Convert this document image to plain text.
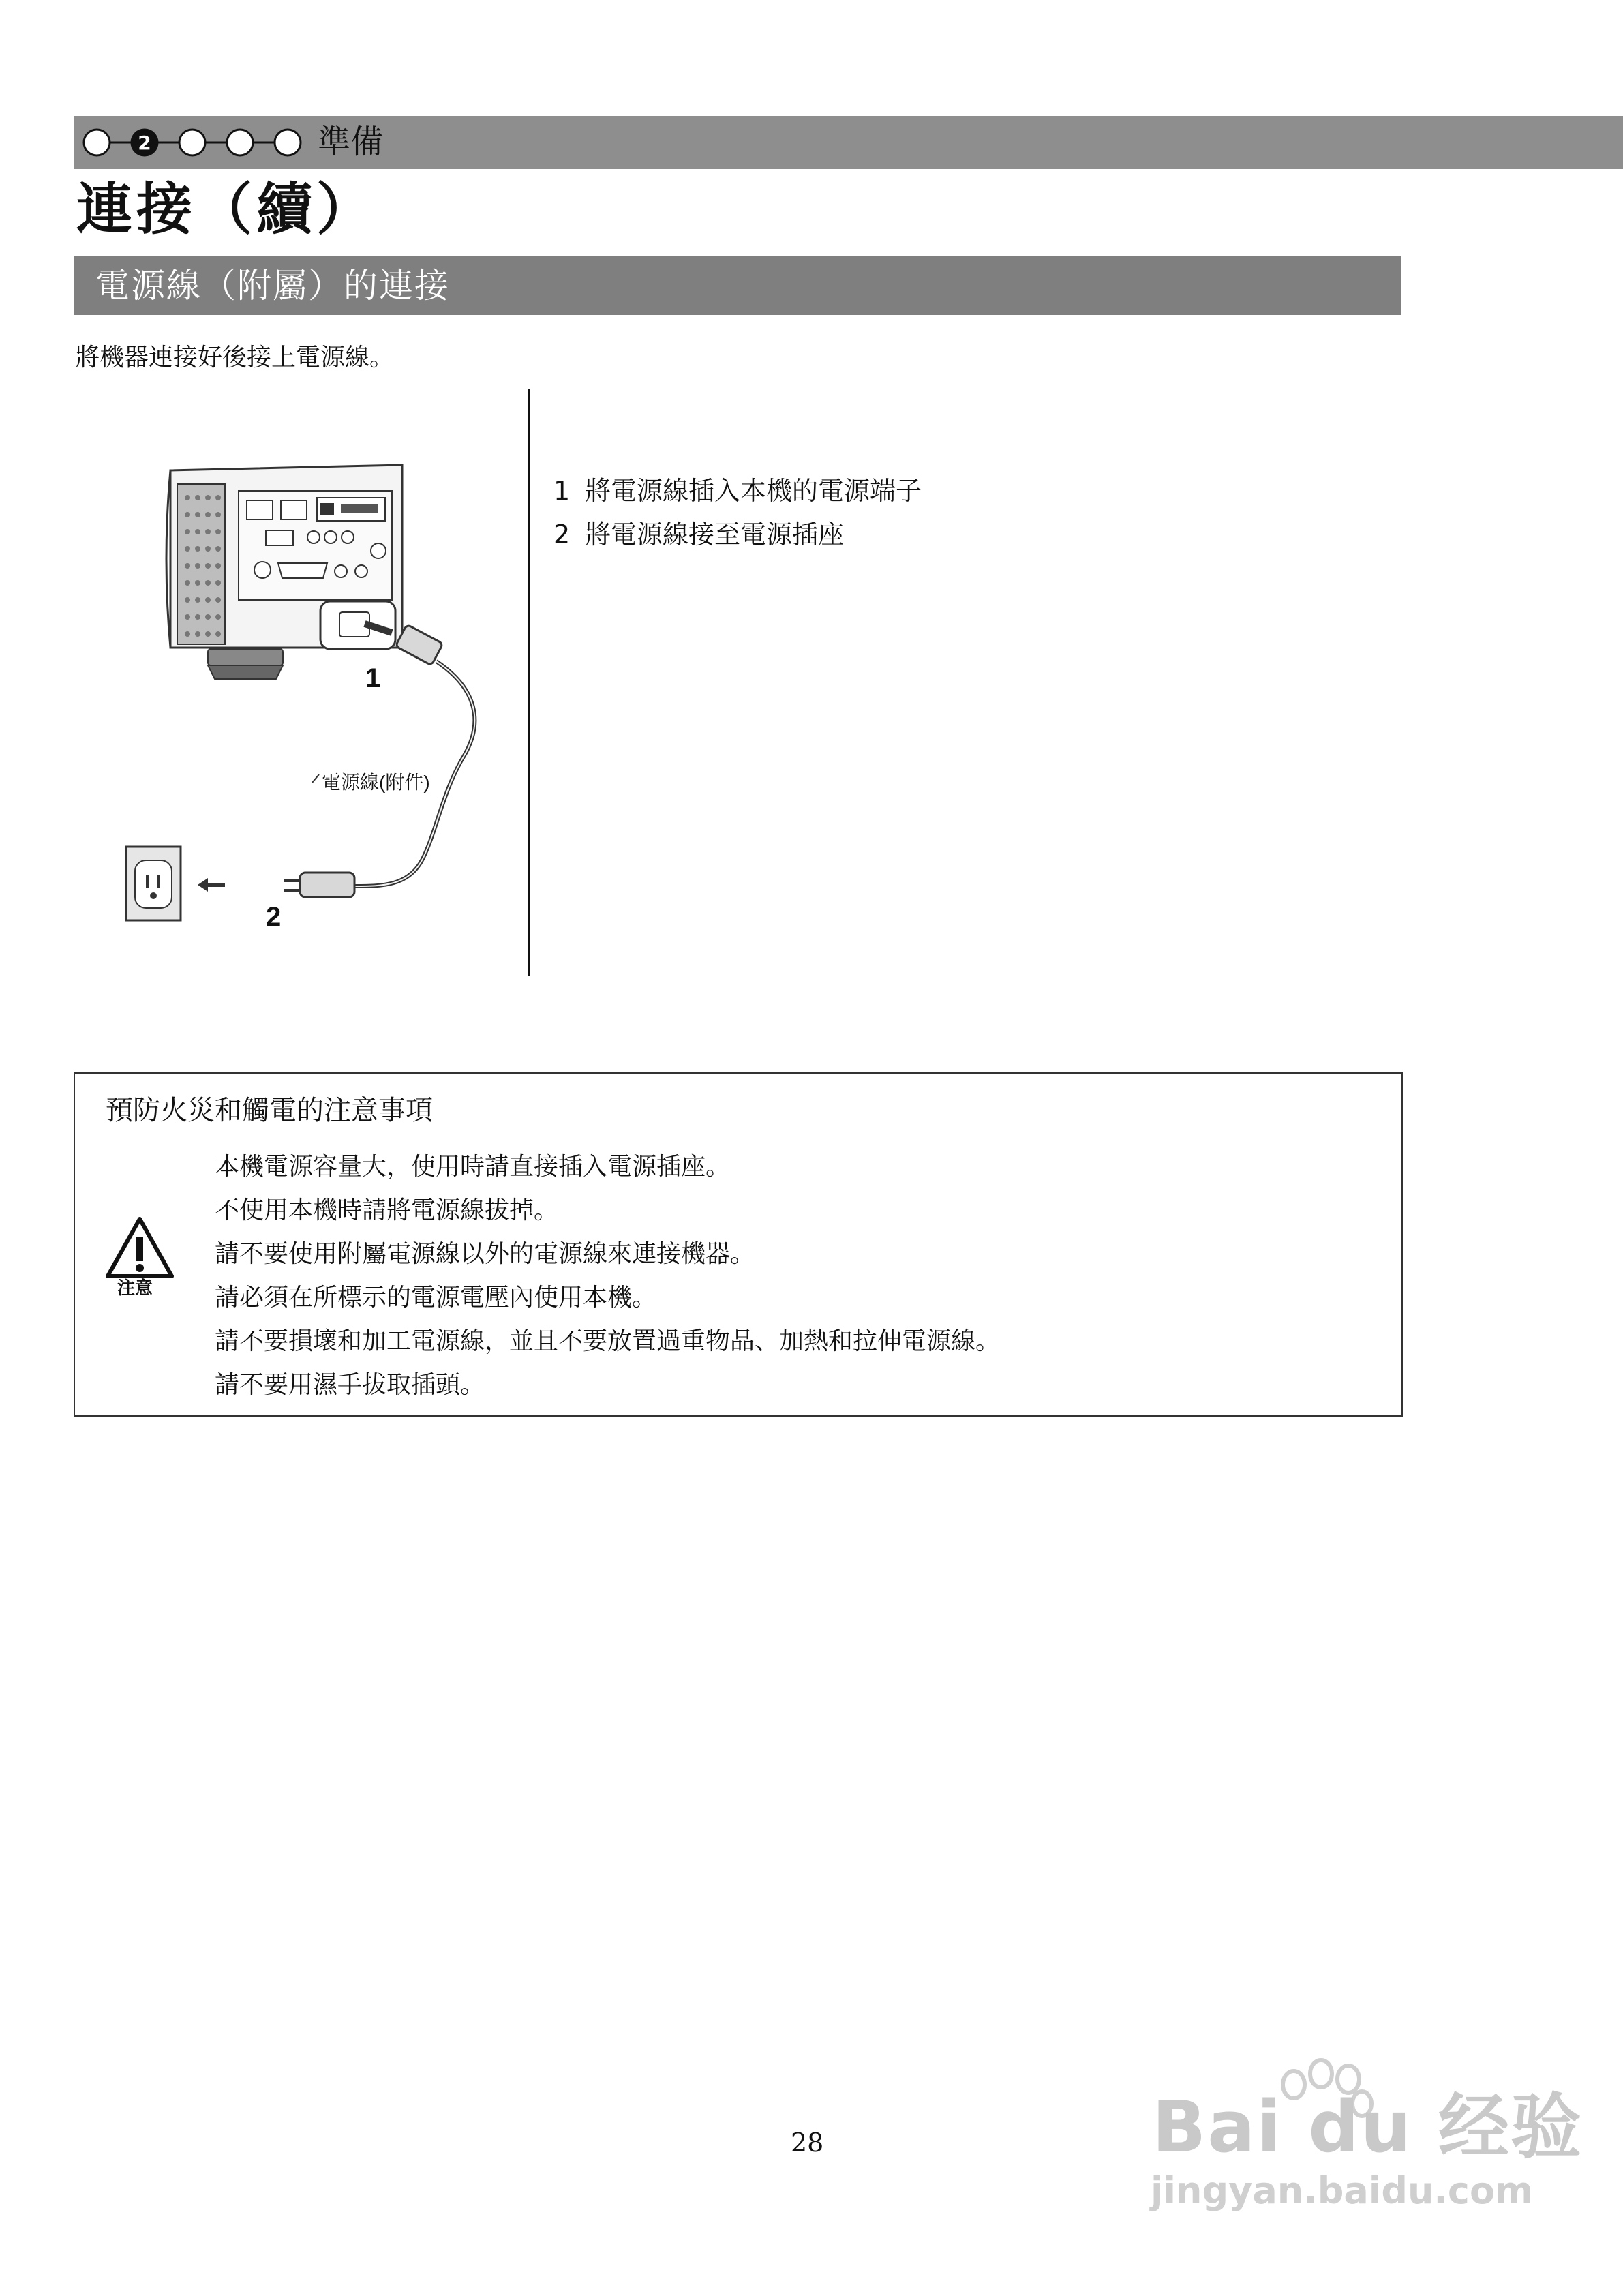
2	準備
連接（續）
電源線（附屬）的連接
將機器連接好後接上電源線。
1
2
電源線(附件)
1 將電源線插入本機的電源端子
2 將電源線接至電源插座
預防火災和觸電的注意事項
注意
本機電源容量大，使用時請直接插入電源插座。
不使用本機時請將電源線拔掉。
請不要使用附屬電源線以外的電源線來連接機器。
請必須在所標示的電源電壓內使用本機。
請不要損壞和加工電源線，並且不要放置過重物品、加熱和拉伸電源線。
請不要用濕手拔取插頭。
28	Bai du 经验
jingyan.baidu.com
